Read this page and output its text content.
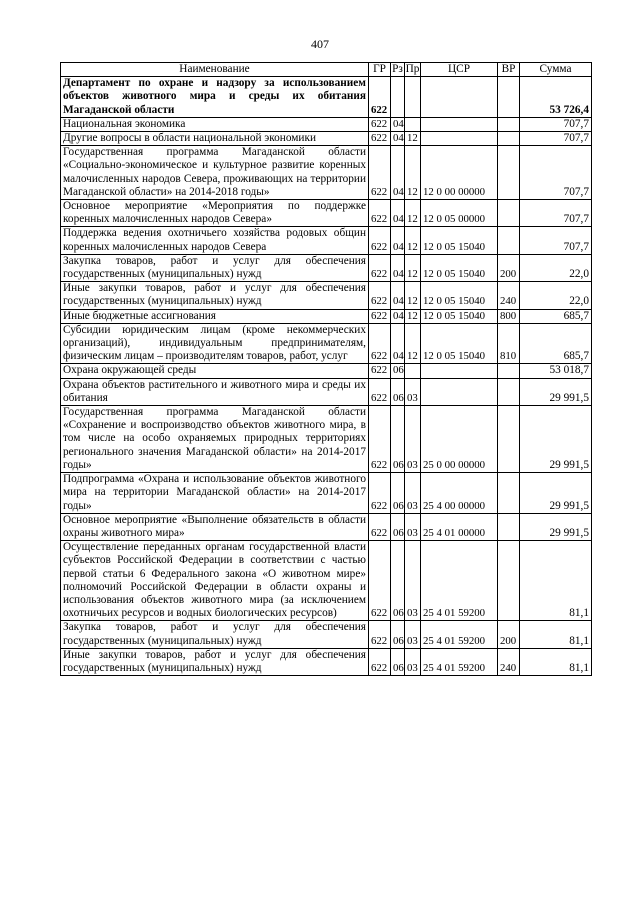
407
Наименование	ГР	Рз	Пр	ЦСР	ВР	Сумма
Департамент по охране и надзору за использованием объектов животного мира и среды их обитания Магаданской области	622					53 726,4
Национальная экономика	622	04				707,7
Другие вопросы в области национальной экономики	622	04	12			707,7
Государственная программа Магаданской области «Социально-экономическое и культурное развитие коренных малочисленных народов Севера, проживающих на территории Магаданской области» на 2014-2018 годы»	622	04	12	12 0 00 00000		707,7
Основное мероприятие «Мероприятия по поддержке коренных малочисленных народов Севера»	622	04	12	12 0 05 00000		707,7
Поддержка ведения охотничьего хозяйства родовых общин коренных малочисленных народов Севера	622	04	12	12 0 05 15040		707,7
Закупка товаров, работ и услуг для обеспечения государственных (муниципальных) нужд	622	04	12	12 0 05 15040	200	22,0
Иные закупки товаров, работ и услуг для обеспечения государственных (муниципальных) нужд	622	04	12	12 0 05 15040	240	22,0
Иные бюджетные ассигнования	622	04	12	12 0 05 15040	800	685,7
Субсидии юридическим лицам (кроме некоммерческих организаций), индивидуальным предпринимателям, физическим лицам – производителям товаров, работ, услуг	622	04	12	12 0 05 15040	810	685,7
Охрана окружающей среды	622	06				53 018,7
Охрана объектов растительного и животного мира и среды их обитания	622	06	03			29 991,5
Государственная программа Магаданской области «Сохранение и воспроизводство объектов животного мира, в том числе на особо охраняемых природных территориях регионального значения Магаданской области» на 2014-2017 годы»	622	06	03	25 0 00 00000		29 991,5
Подпрограмма «Охрана и использование объектов животного мира на территории Магаданской области» на 2014-2017 годы»	622	06	03	25 4 00 00000		29 991,5
Основное мероприятие «Выполнение обязательств в области охраны животного мира»	622	06	03	25 4 01 00000		29 991,5
Осуществление переданных органам государственной власти субъектов Российской Федерации в соответствии с частью первой статьи 6 Федерального закона «О животном мире» полномочий Российской Федерации в области охраны и использования объектов животного мира (за исключением охотничьих ресурсов и водных биологических ресурсов)	622	06	03	25 4 01 59200		81,1
Закупка товаров, работ и услуг для обеспечения государственных (муниципальных) нужд	622	06	03	25 4 01 59200	200	81,1
Иные закупки товаров, работ и услуг для обеспечения государственных (муниципальных) нужд	622	06	03	25 4 01 59200	240	81,1
